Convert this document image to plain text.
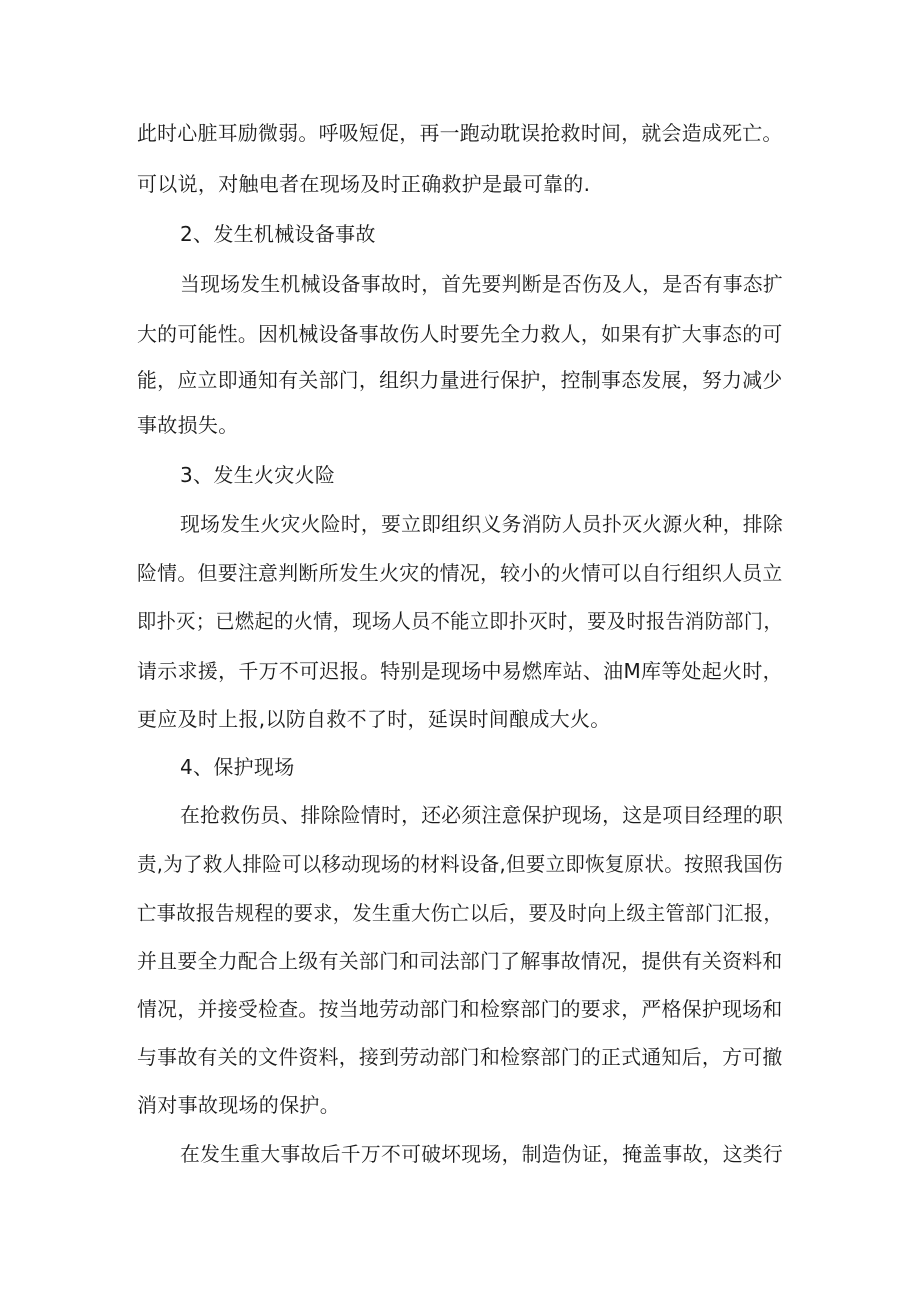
此时心脏耳励微弱。呼吸短促，再一跑动耽误抢救时间，就会造成死亡。
可以说，对触电者在现场及时正确救护是最可靠的.
2、发生机械设备事故
当现场发生机械设备事故时，首先要判断是否伤及人，是否有事态扩
大的可能性。因机械设备事故伤人时要先全力救人，如果有扩大事态的可
能，应立即通知有关部门，组织力量进行保护，控制事态发展，努力减少
事故损失。
3、发生火灾火险
现场发生火灾火险时，要立即组织义务消防人员扑灭火源火种，排除
险情。但要注意判断所发生火灾的情况，较小的火情可以自行组织人员立
即扑灭；已燃起的火情，现场人员不能立即扑灭时，要及时报告消防部门，
请示求援，千万不可迟报。特别是现场中易燃库站、油M库等处起火时，
更应及时上报,以防自救不了时，延误时间酿成大火。
4、保护现场
在抢救伤员、排除险情时，还必须注意保护现场，这是项目经理的职
责,为了救人排险可以移动现场的材料设备,但要立即恢复原状。按照我国伤
亡事故报告规程的要求，发生重大伤亡以后，要及时向上级主管部门汇报，
并且要全力配合上级有关部门和司法部门了解事故情况，提供有关资料和
情况，并接受检查。按当地劳动部门和检察部门的要求，严格保护现场和
与事故有关的文件资料，接到劳动部门和检察部门的正式通知后，方可撤
消对事故现场的保护。
在发生重大事故后千万不可破坏现场，制造伪证，掩盖事故，这类行
